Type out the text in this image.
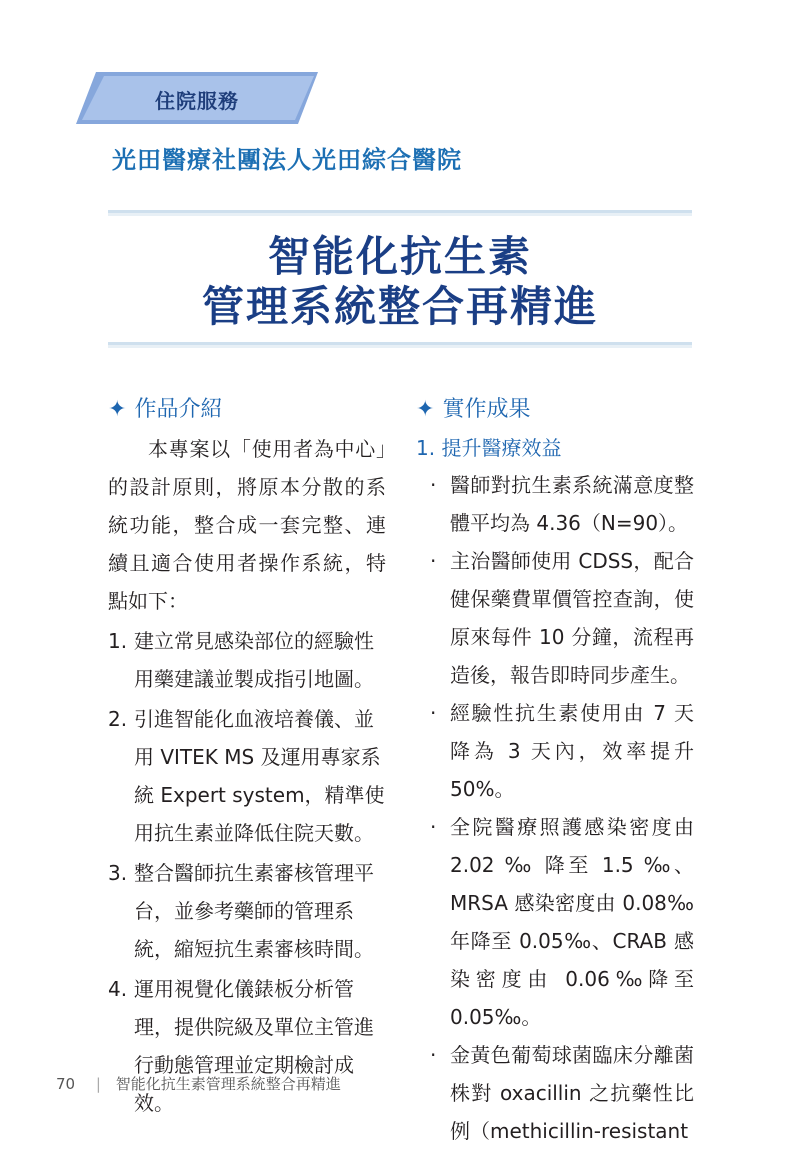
住院服務
光田醫療社團法人光田綜合醫院
智能化抗生素
管理系統整合再精進
✦ 作品介紹
本專案以「使用者為中心」的設計原則，將原本分散的系統功能，整合成一套完整、連續且適合使用者操作系統，特點如下：
1. 建立常見感染部位的經驗性用藥建議並製成指引地圖。
2. 引進智能化血液培養儀、並用 VITEK MS 及運用專家系統 Expert system，精準使用抗生素並降低住院天數。
3. 整合醫師抗生素審核管理平台，並參考藥師的管理系統，縮短抗生素審核時間。
4. 運用視覺化儀錶板分析管理，提供院級及單位主管進行動態管理並定期檢討成效。
✦ 實作成果
1. 提升醫療效益
· 醫師對抗生素系統滿意度整體平均為 4.36（N=90）。
· 主治醫師使用 CDSS，配合健保藥費單價管控查詢，使原來每件 10 分鐘，流程再造後，報告即時同步產生。
· 經驗性抗生素使用由 7 天降為 3 天內，效率提升 50%。
· 全院醫療照護感染密度由 2.02 ‰ 降至 1.5 ‰、MRSA 感染密度由 0.08‰年降至 0.05‰、CRAB 感染密度由 0.06‰降至 0.05‰。
· 金黃色葡萄球菌臨床分離菌株對 oxacillin 之抗藥性比　例（methicillin-resistant
70 | 智能化抗生素管理系統整合再精進
